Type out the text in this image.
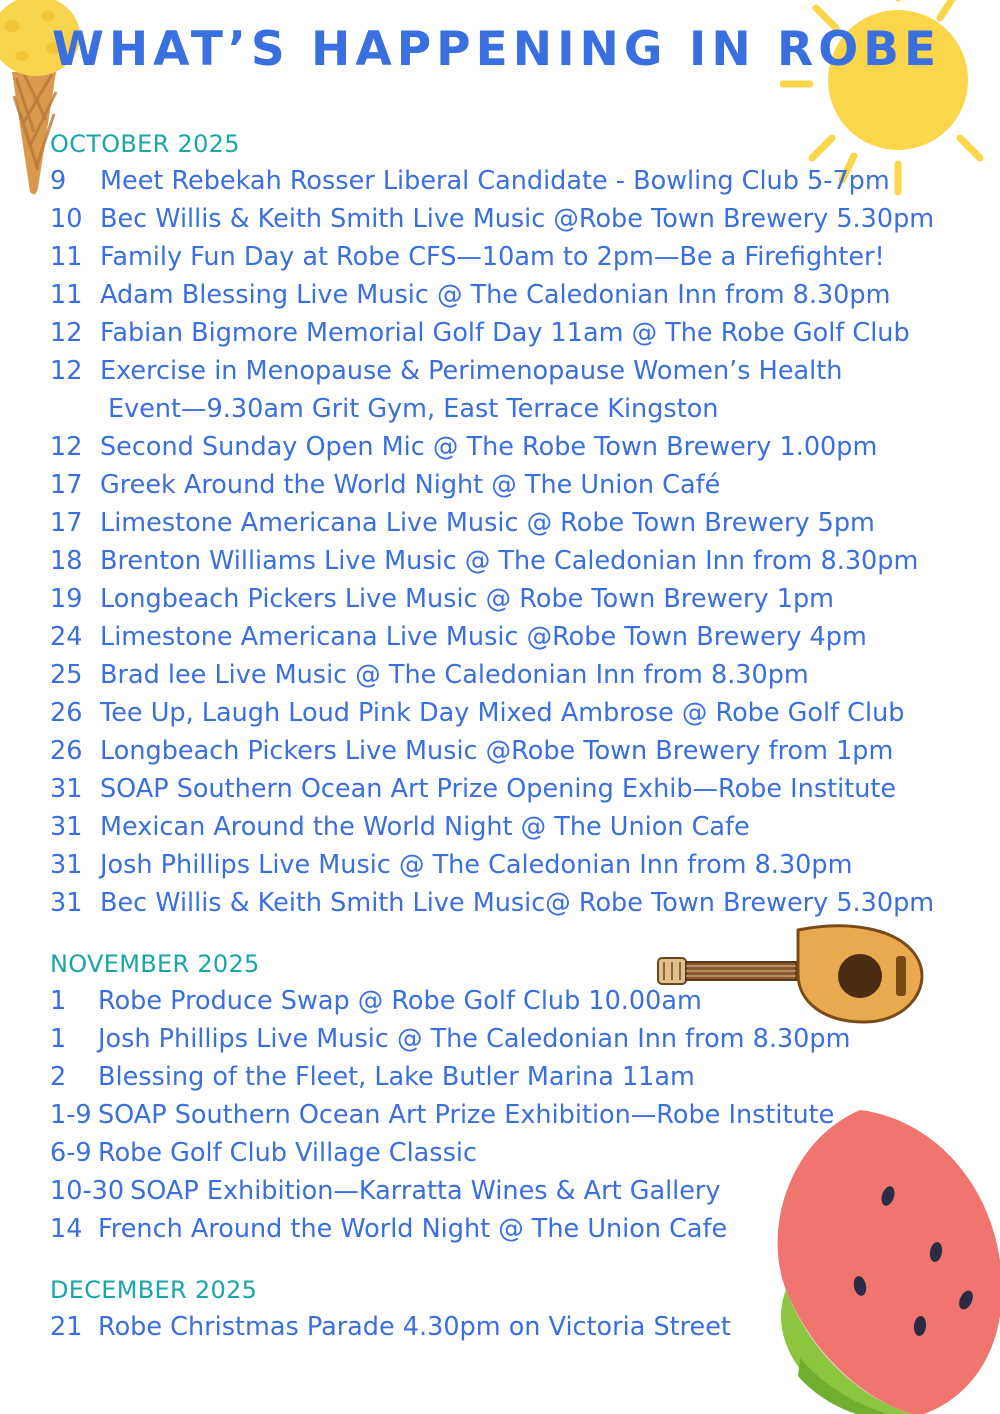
WHAT’S HAPPENING IN ROBE
OCTOBER 2025
9	Meet Rebekah Rosser Liberal Candidate - Bowling Club 5-7pm
10 Bec Willis & Keith Smith Live Music @Robe Town Brewery 5.30pm
11 Family Fun Day at Robe CFS—10am to 2pm—Be a Firefighter!
11 Adam Blessing Live Music @ The Caledonian Inn from 8.30pm
12 Fabian Bigmore Memorial Golf Day 11am @ The Robe Golf Club
12 Exercise in Menopause & Perimenopause Women’s Health
Event—9.30am Grit Gym, East Terrace Kingston
12 Second Sunday Open Mic @ The Robe Town Brewery 1.00pm
17 Greek Around the World Night @ The Union Café
17 Limestone Americana Live Music @ Robe Town Brewery 5pm
18 Brenton Williams Live Music @ The Caledonian Inn from 8.30pm
19 Longbeach Pickers Live Music @ Robe Town Brewery 1pm
24 Limestone Americana Live Music @Robe Town Brewery 4pm
25 Brad lee Live Music @ The Caledonian Inn from 8.30pm
26 Tee Up, Laugh Loud Pink Day Mixed Ambrose @ Robe Golf Club
26 Longbeach Pickers Live Music @Robe Town Brewery from 1pm
31 SOAP Southern Ocean Art Prize Opening Exhib—Robe Institute
31 Mexican Around the World Night @ The Union Cafe
31 Josh Phillips Live Music @ The Caledonian Inn from 8.30pm
31 Bec Willis & Keith Smith Live Music@ Robe Town Brewery 5.30pm
NOVEMBER 2025
1	Robe Produce Swap @ Robe Golf Club 10.00am
1	Josh Phillips Live Music @ The Caledonian Inn from 8.30pm
2	Blessing of the Fleet, Lake Butler Marina 11am
1-9 SOAP Southern Ocean Art Prize Exhibition—Robe Institute
6-9 Robe Golf Club Village Classic
10-30 SOAP Exhibition—Karratta Wines & Art Gallery
14 French Around the World Night @ The Union Cafe
DECEMBER 2025
21 Robe Christmas Parade 4.30pm on Victoria Street
